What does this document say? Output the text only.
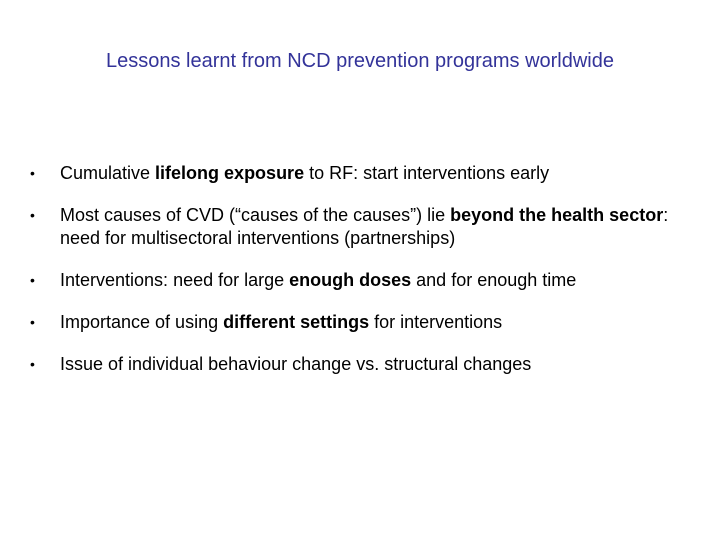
Lessons learnt from NCD prevention programs worldwide
• Cumulative lifelong exposure to RF: start interventions early
• Most causes of CVD (“causes of the causes”) lie beyond the health sector: need for multisectoral interventions (partnerships)
• Interventions: need for large enough doses and for enough time
• Importance of using different settings for interventions
• Issue of individual behaviour change vs. structural changes
